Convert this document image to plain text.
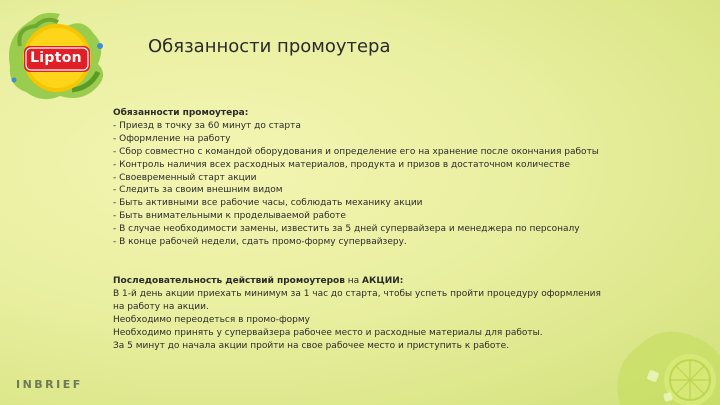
Lipton
Обязанности промоутера
Обязанности промоутера:
- Приезд в точку за 60 минут до старта
- Оформление на работу
- Сбор совместно с командой оборудования и определение его на хранение после окончания работы
- Контроль наличия всех расходных материалов, продукта и призов в достаточном количестве
- Своевременный старт акции
- Следить за своим внешним видом
- Быть активными все рабочие часы, соблюдать механику акции
- Быть внимательными к проделываемой работе
- В случае необходимости замены, известить за 5 дней супервайзера и менеджера по персоналу
- В конце рабочей недели, сдать промо-форму супервайзеру.
Последовательность действий промоутеров на АКЦИИ:
В 1-й день акции приехать минимум за 1 час до старта, чтобы успеть пройти процедуру оформления
на работу на акции.
Необходимо переодеться в промо-форму
Необходимо принять у супервайзера рабочее место и расходные материалы для работы.
За 5 минут до начала акции пройти на свое рабочее место и приступить к работе.
INBRIEF
